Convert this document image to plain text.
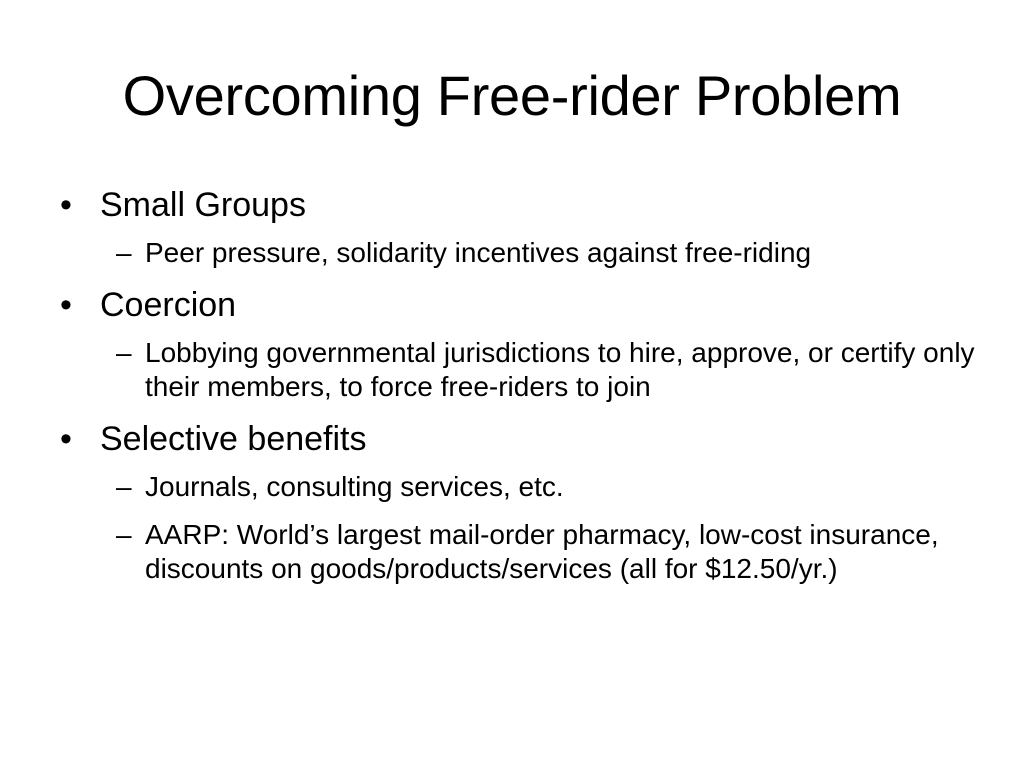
Overcoming Free-rider Problem
• Small Groups
– Peer pressure, solidarity incentives against free-riding
• Coercion
– Lobbying governmental jurisdictions to hire, approve, or certify only their members, to force free-riders to join
• Selective benefits
– Journals, consulting services, etc.
– AARP: World’s largest mail-order pharmacy, low-cost insurance, discounts on goods/products/services (all for $12.50/yr.)
